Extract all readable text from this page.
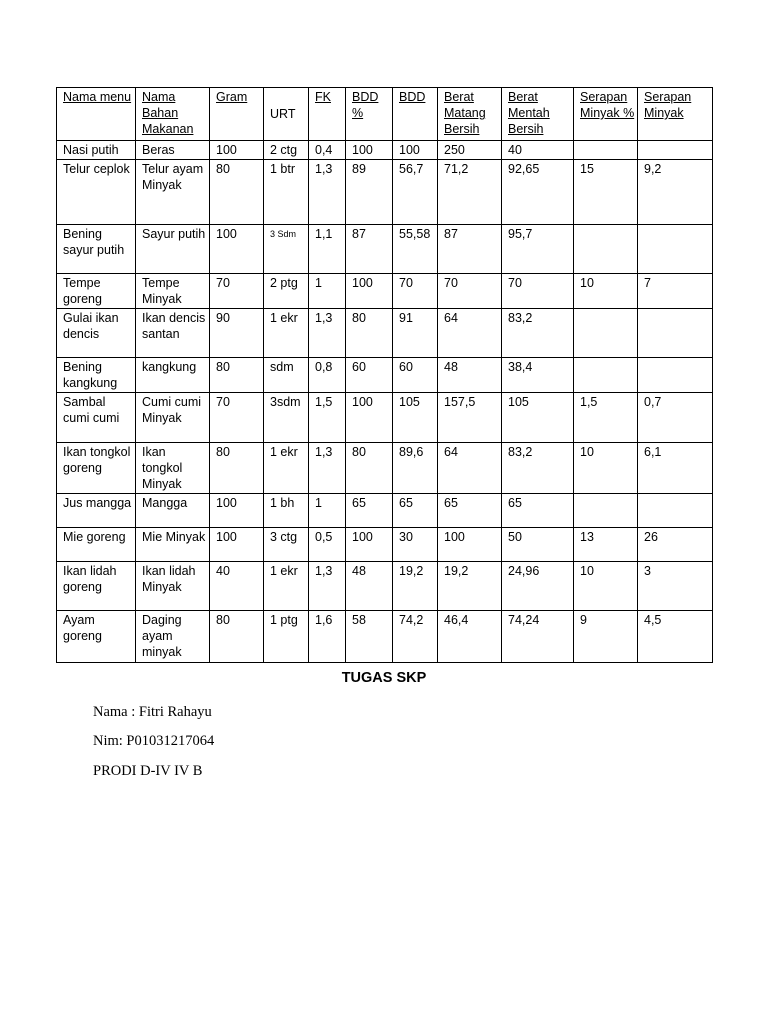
Nama menu	Nama Bahan Makanan	Gram	URT	FK	BDD %	BDD	Berat Matang Bersih	Berat Mentah Bersih	Serapan Minyak %	Serapan Minyak
Nasi putih	Beras	100	2 ctg	0,4	100	100	250	40		
Telur ceplok	Telur ayam Minyak	80	1 btr	1,3	89	56,7	71,2	92,65	15	9,2
Bening sayur putih	Sayur putih	100	3 Sdm	1,1	87	55,58	87	95,7		
Tempe goreng	Tempe Minyak	70	2 ptg	1	100	70	70	70	10	7
Gulai ikan dencis	Ikan dencis santan	90	1 ekr	1,3	80	91	64	83,2		
Bening kangkung	kangkung	80	sdm	0,8	60	60	48	38,4		
Sambal cumi cumi	Cumi cumi Minyak	70	3sdm	1,5	100	105	157,5	105	1,5	0,7
Ikan tongkol goreng	Ikan tongkol Minyak	80	1 ekr	1,3	80	89,6	64	83,2	10	6,1
Jus mangga	Mangga	100	1 bh	1	65	65	65	65		
Mie goreng	Mie Minyak	100	3 ctg	0,5	100	30	100	50	13	26
Ikan lidah goreng	Ikan lidah Minyak	40	1 ekr	1,3	48	19,2	19,2	24,96	10	3
Ayam goreng	Daging ayam minyak	80	1 ptg	1,6	58	74,2	46,4	74,24	9	4,5
TUGAS SKP
Nama : Fitri Rahayu
Nim: P01031217064
PRODI D-IV IV B
